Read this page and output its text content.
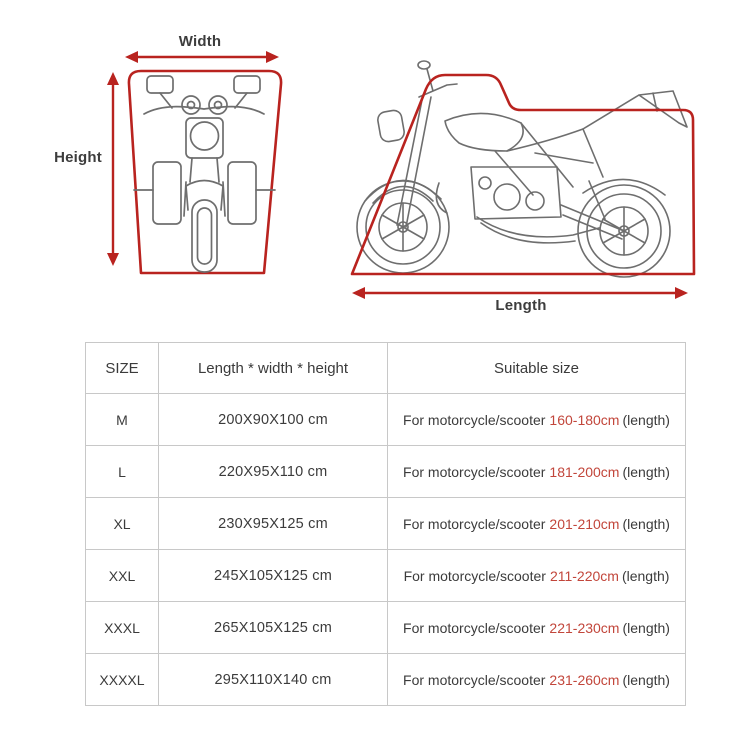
Width
Height
Length
SIZE	Length * width * height	Suitable size
M	200X90X100 cm	For motorcycle/scooter 160-180cm (length)
L	220X95X110 cm	For motorcycle/scooter 181-200cm (length)
XL	230X95X125 cm	For motorcycle/scooter 201-210cm (length)
XXL	245X105X125 cm	For motorcycle/scooter 211-220cm (length)
XXXL	265X105X125 cm	For motorcycle/scooter 221-230cm (length)
XXXXL	295X110X140 cm	For motorcycle/scooter 231-260cm (length)
